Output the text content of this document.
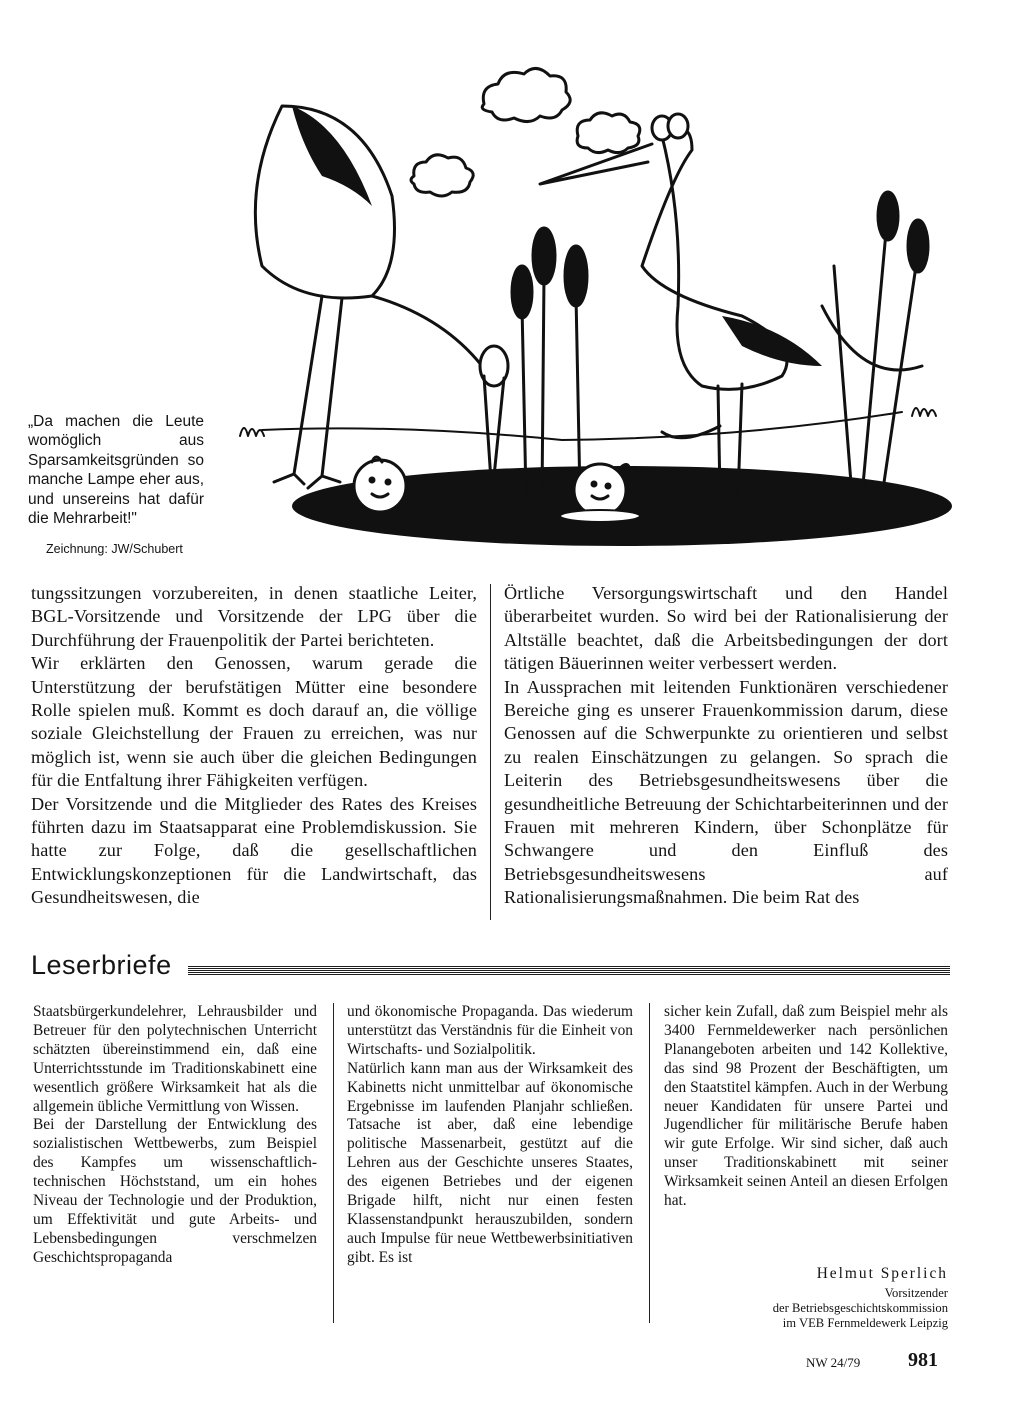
„Da machen die Leute womöglich aus Sparsamkeitsgründen so manche Lampe eher aus, und unsereins hat dafür die Mehrarbeit!"

Zeichnung: JW/Schubert

tungssitzungen vorzubereiten, in denen staatliche Leiter, BGL-Vorsitzende und Vorsitzende der LPG über die Durchführung der Frauenpolitik der Partei berichteten.

Wir erklärten den Genossen, warum gerade die Unterstützung der berufstätigen Mütter eine besondere Rolle spielen muß. Kommt es doch darauf an, die völlige soziale Gleichstellung der Frauen zu erreichen, was nur möglich ist, wenn sie auch über die gleichen Bedingungen für die Entfaltung ihrer Fähigkeiten verfügen.

Der Vorsitzende und die Mitglieder des Rates des Kreises führten dazu im Staatsapparat eine Problemdiskussion. Sie hatte zur Folge, daß die gesellschaftlichen Entwicklungskonzeptionen für die Landwirtschaft, das Gesundheitswesen, die

Örtliche Versorgungswirtschaft und den Handel überarbeitet wurden. So wird bei der Rationalisierung der Altställe beachtet, daß die Arbeitsbedingungen der dort tätigen Bäuerinnen weiter verbessert werden.

In Aussprachen mit leitenden Funktionären verschiedener Bereiche ging es unserer Frauenkommission darum, diese Genossen auf die Schwerpunkte zu orientieren und selbst zu realen Einschätzungen zu gelangen. So sprach die Leiterin des Betriebsgesundheitswesens über die gesundheitliche Betreuung der Schichtarbeiterinnen und der Frauen mit mehreren Kindern, über Schonplätze für Schwangere und den Einfluß des Betriebsgesundheitswesens auf Rationalisierungsmaßnahmen. Die beim Rat des

Leserbriefe

Staatsbürgerkundelehrer, Lehrausbilder und Betreuer für den polytechnischen Unterricht schätzten übereinstimmend ein, daß eine Unterrichtsstunde im Traditionskabinett eine wesentlich größere Wirksamkeit hat als die allgemein übliche Vermittlung von Wissen.

Bei der Darstellung der Entwicklung des sozialistischen Wettbewerbs, zum Beispiel des Kampfes um wissenschaftlich-technischen Höchststand, um ein hohes Niveau der Technologie und der Produktion, um Effektivität und gute Arbeits- und Lebensbedingungen verschmelzen Geschichtspropaganda

und ökonomische Propaganda. Das wiederum unterstützt das Verständnis für die Einheit von Wirtschafts- und Sozialpolitik.

Natürlich kann man aus der Wirksamkeit des Kabinetts nicht unmittelbar auf ökonomische Ergebnisse im laufenden Planjahr schließen. Tatsache ist aber, daß eine lebendige politische Massenarbeit, gestützt auf die Lehren aus der Geschichte unseres Staates, des eigenen Betriebes und der eigenen Brigade hilft, nicht nur einen festen Klassenstandpunkt herauszubilden, sondern auch Impulse für neue Wettbewerbsinitiativen gibt. Es ist

sicher kein Zufall, daß zum Beispiel mehr als 3400 Fernmeldewerker nach persönlichen Planangeboten arbeiten und 142 Kollektive, das sind 98 Prozent der Beschäftigten, um den Staatstitel kämpfen. Auch in der Werbung neuer Kandidaten für unsere Partei und Jugendlicher für militärische Berufe haben wir gute Erfolge. Wir sind sicher, daß auch unser Traditionskabinett mit seiner Wirksamkeit seinen Anteil an diesen Erfolgen hat.

Helmut Sperlich

Vorsitzender

der Betriebsgeschichtskommission

im VEB Fernmeldewerk Leipzig

NW 24/79 981
